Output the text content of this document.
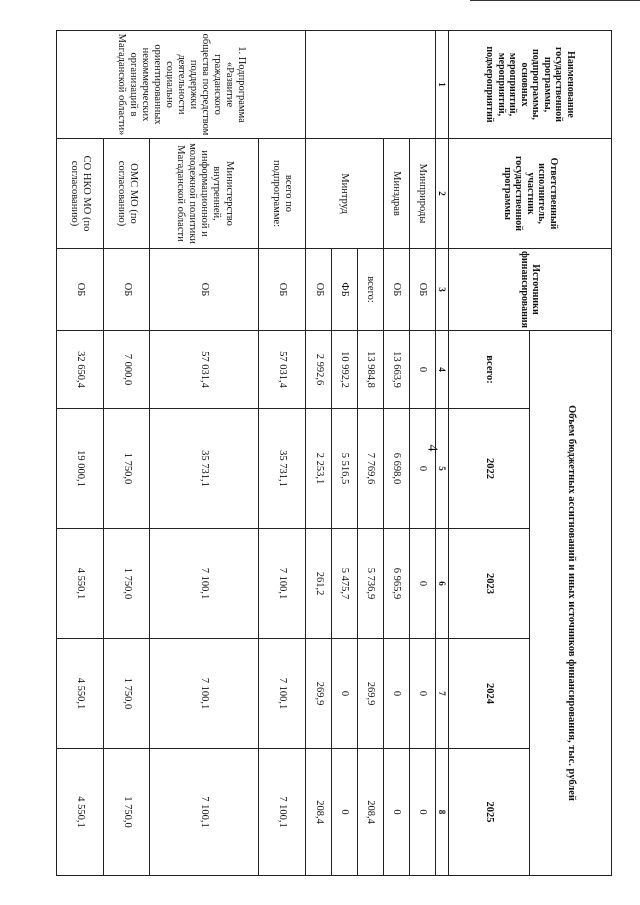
4
Наименование государственной программы, подпрограммы, основных мероприятий, мероприятий, подмероприятий	Ответственный исполнитель, участник государственной программы	Источники финансирования	Объем бюджетных ассигнований и иных источников финансирования, тыс. рублей				
			всего:	2022	2023	2024	2025
1	2	3	4	5	6	7	8
	Минприроды	ОБ	0	0	0	0	0
	Минздрав	ОБ	13 663,9	6 698,0	6 965,9	0	0
	Минтруд	всего:	13 984,8	7 769,6	5 736,9	269,9	208,4
		ФБ	10 992,2	5 516,5	5 475,7	0	0
		ОБ	2 992,6	2 253,1	261,2	269,9	208,4
1. Подпрограмма «Развитие гражданского общества посредством поддержки деятельности социально ориентированных некоммерческих организаций в Магаданской области»	всего по подпрограмме:	ОБ	57 031,4	35 731,1	7 100,1	7 100,1	7 100,1
	Министерство внутренней, информационной и молодежной политики Магаданской области	ОБ	57 031,4	35 731,1	7 100,1	7 100,1	7 100,1
	ОМС МО (по согласованию)	ОБ	7 000,0	1 750,0	1 750,0	1 750,0	1 750,0
	СО НКО МО (по согласованию)	ОБ	32 650,4	19 000,1	4 550,1	4 550,1	4 550,1
